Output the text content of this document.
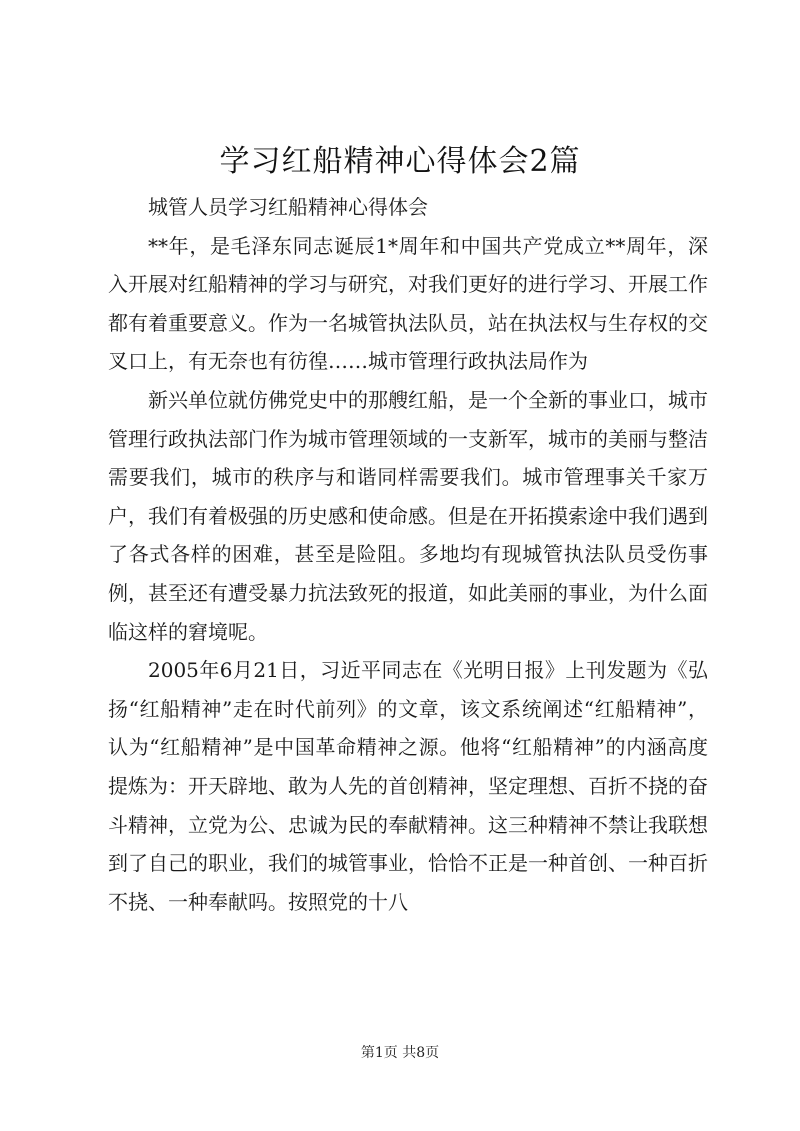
学习红船精神心得体会2篇

城管人员学习红船精神心得体会

**年，是毛泽东同志诞辰1*周年和中国共产党成立**周年，深入开展对红船精神的学习与研究，对我们更好的进行学习、开展工作都有着重要意义。作为一名城管执法队员，站在执法权与生存权的交叉口上，有无奈也有彷徨……城市管理行政执法局作为

新兴单位就仿佛党史中的那艘红船，是一个全新的事业口，城市管理行政执法部门作为城市管理领域的一支新军，城市的美丽与整洁需要我们，城市的秩序与和谐同样需要我们。城市管理事关千家万户，我们有着极强的历史感和使命感。但是在开拓摸索途中我们遇到了各式各样的困难，甚至是险阻。多地均有现城管执法队员受伤事例，甚至还有遭受暴力抗法致死的报道，如此美丽的事业，为什么面临这样的窘境呢。

2005年6月21日，习近平同志在《光明日报》上刊发题为《弘扬“红船精神”走在时代前列》的文章，该文系统阐述“红船精神”，认为“红船精神”是中国革命精神之源。他将“红船精神”的内涵高度提炼为：开天辟地、敢为人先的首创精神，坚定理想、百折不挠的奋斗精神，立党为公、忠诚为民的奉献精神。这三种精神不禁让我联想到了自己的职业，我们的城管事业，恰恰不正是一种首创、一种百折不挠、一种奉献吗。按照党的十八

第1页 共8页
